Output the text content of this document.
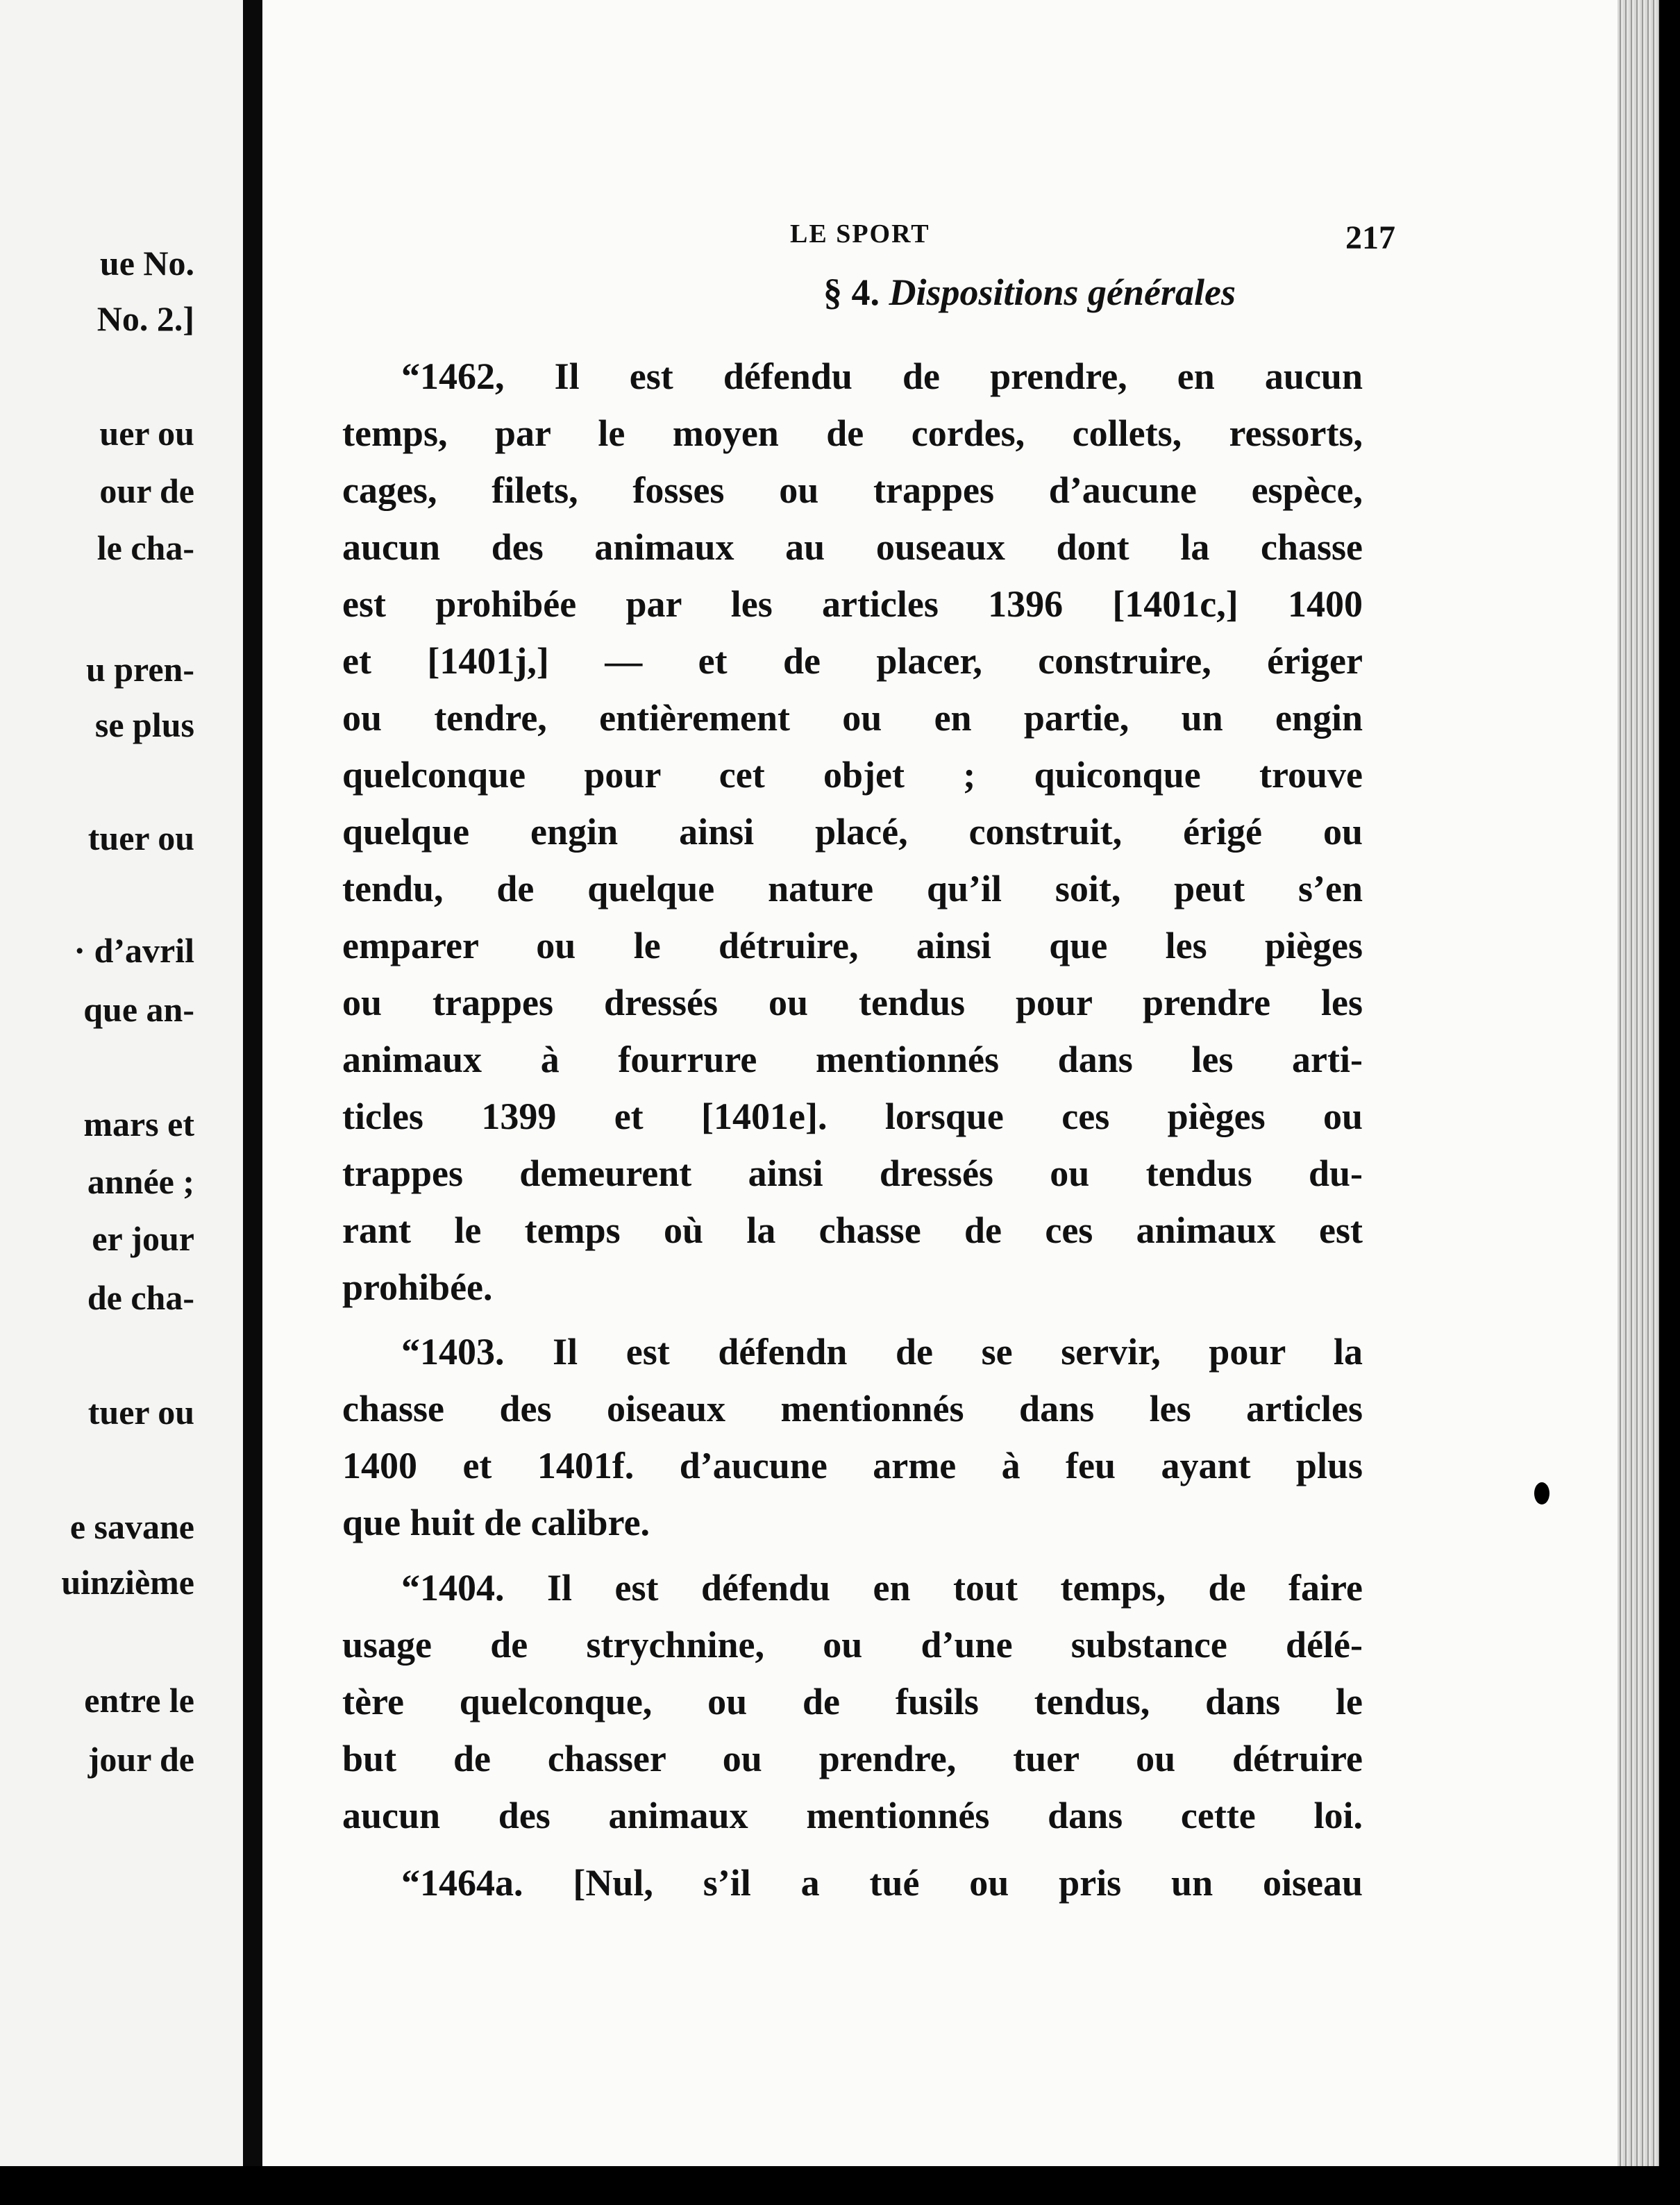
ue No.
No. 2.]
uer ou
our de
le cha-
u pren-
se plus
tuer ou
· d’avril
que an-
mars et
année ;
er jour
de cha-
tuer ou
e savane
uinzième
entre le
jour de
LE SPORT	217
§ 4. Dispositions générales
“1462, Il est défendu de prendre, en aucun
temps, par le moyen de cordes, collets, ressorts,
cages, filets, fosses ou trappes d’aucune espèce,
aucun des animaux au ouseaux dont la chasse
est prohibée par les articles 1396 [1401c,] 1400
et [1401j,] — et de placer, construire, ériger
ou tendre, entièrement ou en partie, un engin
quelconque pour cet objet ; quiconque trouve
quelque engin ainsi placé, construit, érigé ou
tendu, de quelque nature qu’il soit, peut s’en
emparer ou le détruire, ainsi que les pièges
ou trappes dressés ou tendus pour prendre les
animaux à fourrure mentionnés dans les arti-
ticles 1399 et [1401e]. lorsque ces pièges ou
trappes demeurent ainsi dressés ou tendus du-
rant le temps où la chasse de ces animaux est
prohibée.
“1403. Il est défendn de se servir, pour la
chasse des oiseaux mentionnés dans les articles
1400 et 1401f. d’aucune arme à feu ayant plus
que huit de calibre.
“1404. Il est défendu en tout temps, de faire
usage de strychnine, ou d’une substance délé-
tère quelconque, ou de fusils tendus, dans le
but de chasser ou prendre, tuer ou détruire
aucun des animaux mentionnés dans cette loi.
“1464a. [Nul, s’il a tué ou pris un oiseau
